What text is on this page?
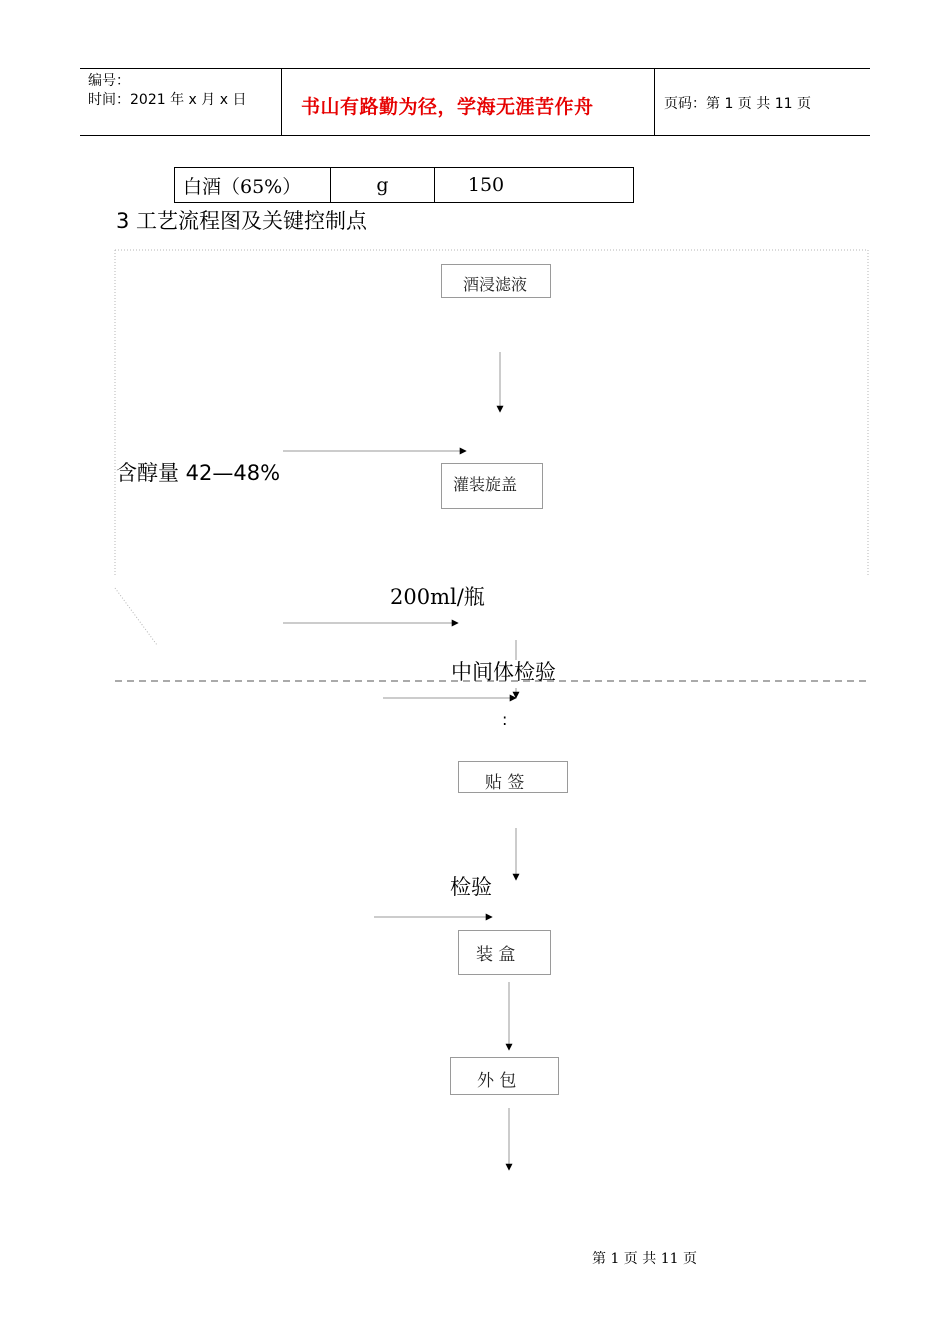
编号：
时间：2021 年 x 月 x 日	书山有路勤为径，学海无涯苦作舟	页码：第 1 页 共 11 页
白酒（65%）	g	150
3 工艺流程图及关键控制点
酒浸滤液
灌装旋盖
贴 签
装 盒
外 包
含醇量 42—48%
200ml/瓶
中间体检验
:
检验
第 1 页 共 11 页
